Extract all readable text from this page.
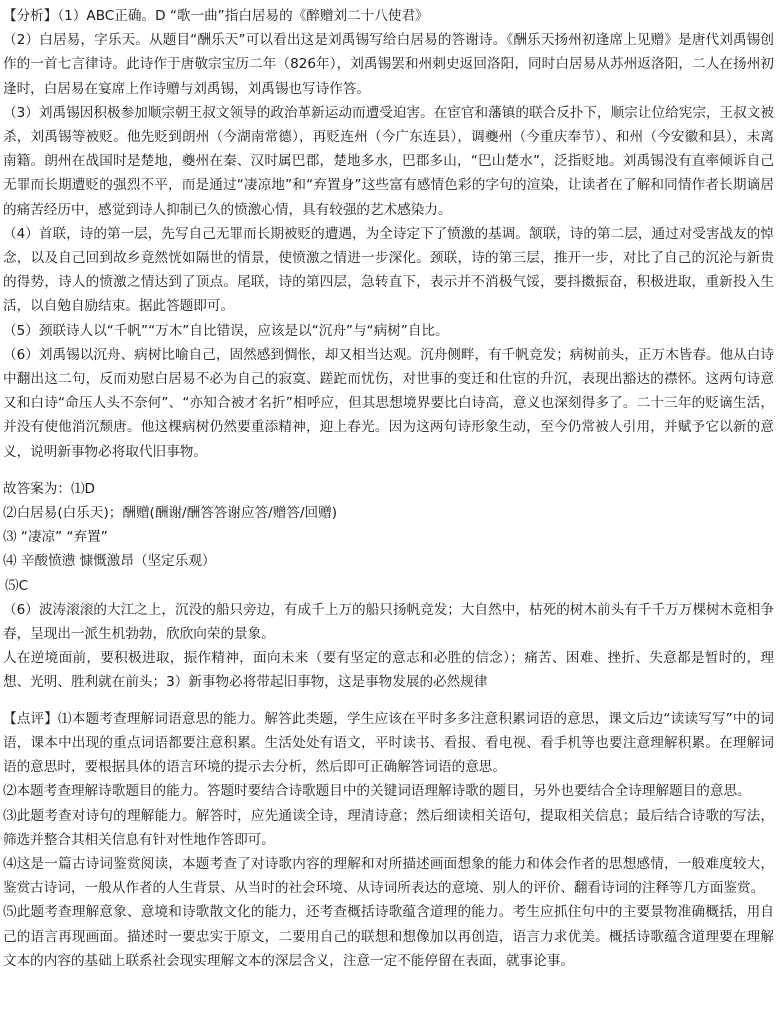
【分析】（1）ABC正确。D “歌一曲”指白居易的《醉赠刘二十八使君》

（2）白居易，字乐天。从题目“酬乐天”可以看出这是刘禹锡写给白居易的答谢诗。《酬乐天扬州初逢席上见赠》是唐代刘禹锡创作的一首七言律诗。此诗作于唐敬宗宝历二年（826年），刘禹锡罢和州刺史返回洛阳，同时白居易从苏州返洛阳，二人在扬州初逢时，白居易在宴席上作诗赠与刘禹锡，刘禹锡也写诗作答。

（3）刘禹锡因积极参加顺宗朝王叔文领导的政治革新运动而遭受迫害。在宦官和藩镇的联合反扑下，顺宗让位给宪宗，王叔文被杀，刘禹锡等被贬。他先贬到朗州（今湖南常德），再贬连州（今广东连县），调夔州（今重庆奉节）、和州（今安徽和县），未离南籍。朗州在战国时是楚地，夔州在秦、汉时属巴郡，楚地多水，巴郡多山，“巴山楚水”，泛指贬地。刘禹锡没有直率倾诉自己无罪而长期遭贬的强烈不平，而是通过“凄凉地”和“弃置身”这些富有感情色彩的字句的渲染，让读者在了解和同情作者长期谪居的痛苦经历中，感觉到诗人抑制已久的愤激心情，具有较强的艺术感染力。

（4）首联，诗的第一层，先写自己无罪而长期被贬的遭遇，为全诗定下了愤激的基调。颔联，诗的第二层，通过对受害战友的悼念，以及自己回到故乡竟然恍如隔世的情景，使愤激之情进一步深化。颈联，诗的第三层，推开一步，对比了自己的沉沦与新贵的得势，诗人的愤激之情达到了顶点。尾联，诗的第四层，急转直下，表示并不消极气馁，要抖擞振奋，积极进取，重新投入生活，以自勉自励结束。据此答题即可。

（5）颈联诗人以“千帆”“万木”自比错误，应该是以“沉舟”与“病树”自比。

（6）刘禹锡以沉舟、病树比喻自己，固然感到惆怅，却又相当达观。沉舟侧畔，有千帆竞发；病树前头，正万木皆春。他从白诗中翻出这二句，反而劝慰白居易不必为自己的寂寞、蹉跎而忧伤，对世事的变迁和仕宦的升沉，表现出豁达的襟怀。这两句诗意又和白诗“命压人头不奈何”、“亦知合被才名折”相呼应，但其思想境界要比白诗高，意义也深刻得多了。二十三年的贬谪生活，并没有使他消沉颓唐。他这棵病树仍然要重添精神，迎上春光。因为这两句诗形象生动，至今仍常被人引用，并赋予它以新的意义，说明新事物必将取代旧事物。

故答案为：⑴D

⑵白居易(白乐天)；酬赠(酬谢/酬答答谢应答/赠答/回赠)

⑶ “凄凉” “弃置”

⑷ 辛酸愤懑 慷慨激昂（坚定乐观）

⑸C

（6）波涛滚滚的大江之上，沉没的船只旁边，有成千上万的船只扬帆竞发；大自然中，枯死的树木前头有千千万万棵树木竟相争春，呈现出一派生机勃勃，欣欣向荣的景象。

人在逆境面前，要积极进取，振作精神，面向未来（要有坚定的意志和必胜的信念）；痛苦、困难、挫折、失意都是暂时的，理想、光明、胜利就在前头；3）新事物必将带起旧事物，这是事物发展的必然规律

【点评】⑴本题考查理解词语意思的能力。解答此类题，学生应该在平时多多注意积累词语的意思，课文后边“读读写写”中的词语，课本中出现的重点词语都要注意积累。生活处处有语文，平时读书、看报、看电视、看手机等也要注意理解积累。在理解词语的意思时，要根据具体的语言环境的提示去分析，然后即可正确解答词语的意思。

⑵本题考查理解诗歌题目的能力。答题时要结合诗歌题目中的关键词语理解诗歌的题目，另外也要结合全诗理解题目的意思。

⑶此题考查对诗句的理解能力。解答时，应先通读全诗，理清诗意；然后细读相关语句，提取相关信息；最后结合诗歌的写法，筛选并整合其相关信息有针对性地作答即可。

⑷这是一篇古诗词鉴赏阅读，本题考查了对诗歌内容的理解和对所描述画面想象的能力和体会作者的思想感情，一般难度较大，鉴赏古诗词，一般从作者的人生背景、从当时的社会环境、从诗词所表达的意境、别人的评价、翻看诗词的注释等几方面鉴赏。

⑸此题考查理解意象、意境和诗歌散文化的能力，还考查概括诗歌蕴含道理的能力。考生应抓住句中的主要景物准确概括，用自己的语言再现画面。描述时一要忠实于原文，二要用自己的联想和想像加以再创造，语言力求优美。概括诗歌蕴含道理要在理解文本的内容的基础上联系社会现实理解文本的深层含义，注意一定不能停留在表面，就事论事。
